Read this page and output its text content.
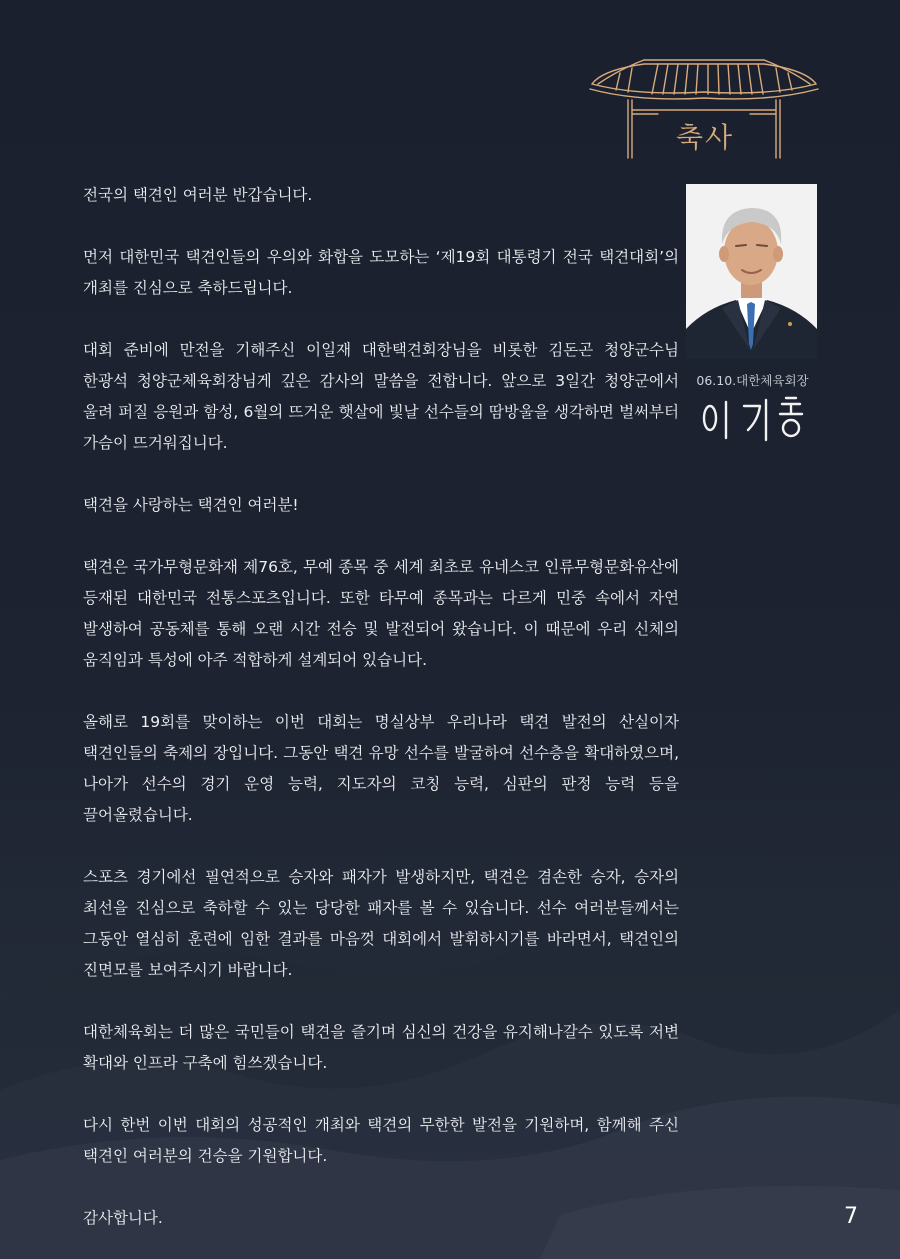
축사
06.10.대한체육회장

전국의 택견인 여러분 반갑습니다.

먼저 대한민국 택견인들의 우의와 화합을 도모하는 ‘제19회 대통령기 전국 택견대회’의 개최를 진심으로 축하드립니다.

대회 준비에 만전을 기해주신 이일재 대한택견회장님을 비롯한 김돈곤 청양군수님 한광석 청양군체육회장님게 깊은 감사의 말씀을 전합니다. 앞으로 3일간 청양군에서 울려 퍼질 응원과 함성, 6월의 뜨거운 햇살에 빛날 선수들의 땀방울을 생각하면 벌써부터 가슴이 뜨거워집니다.

택견을 사랑하는 택견인 여러분!

택견은 국가무형문화재 제76호, 무예 종목 중 세계 최초로 유네스코 인류무형문화유산에 등재된 대한민국 전통스포츠입니다. 또한 타무예 종목과는 다르게 민중 속에서 자연 발생하여 공동체를 통해 오랜 시간 전승 및 발전되어 왔습니다. 이 때문에 우리 신체의 움직임과 특성에 아주 적합하게 설계되어 있습니다.

올해로 19회를 맞이하는 이번 대회는 명실상부 우리나라 택견 발전의 산실이자 택견인들의 축제의 장입니다. 그동안 택견 유망 선수를 발굴하여 선수층을 확대하였으며, 나아가 선수의 경기 운영 능력, 지도자의 코칭 능력, 심판의 판정 능력 등을 끌어올렸습니다.

스포츠 경기에선 필연적으로 승자와 패자가 발생하지만, 택견은 겸손한 승자, 승자의 최선을 진심으로 축하할 수 있는 당당한 패자를 볼 수 있습니다. 선수 여러분들께서는 그동안 열심히 훈련에 임한 결과를 마음껏 대회에서 발휘하시기를 바라면서, 택견인의 진면모를 보여주시기 바랍니다.

대한체육회는 더 많은 국민들이 택견을 즐기며 심신의 건강을 유지해나갈수 있도록 저변 확대와 인프라 구축에 힘쓰겠습니다.

다시 한번 이번 대회의 성공적인 개최와 택견의 무한한 발전을 기원하며, 함께해 주신 택견인 여러분의 건승을 기원합니다.

감사합니다.	7
